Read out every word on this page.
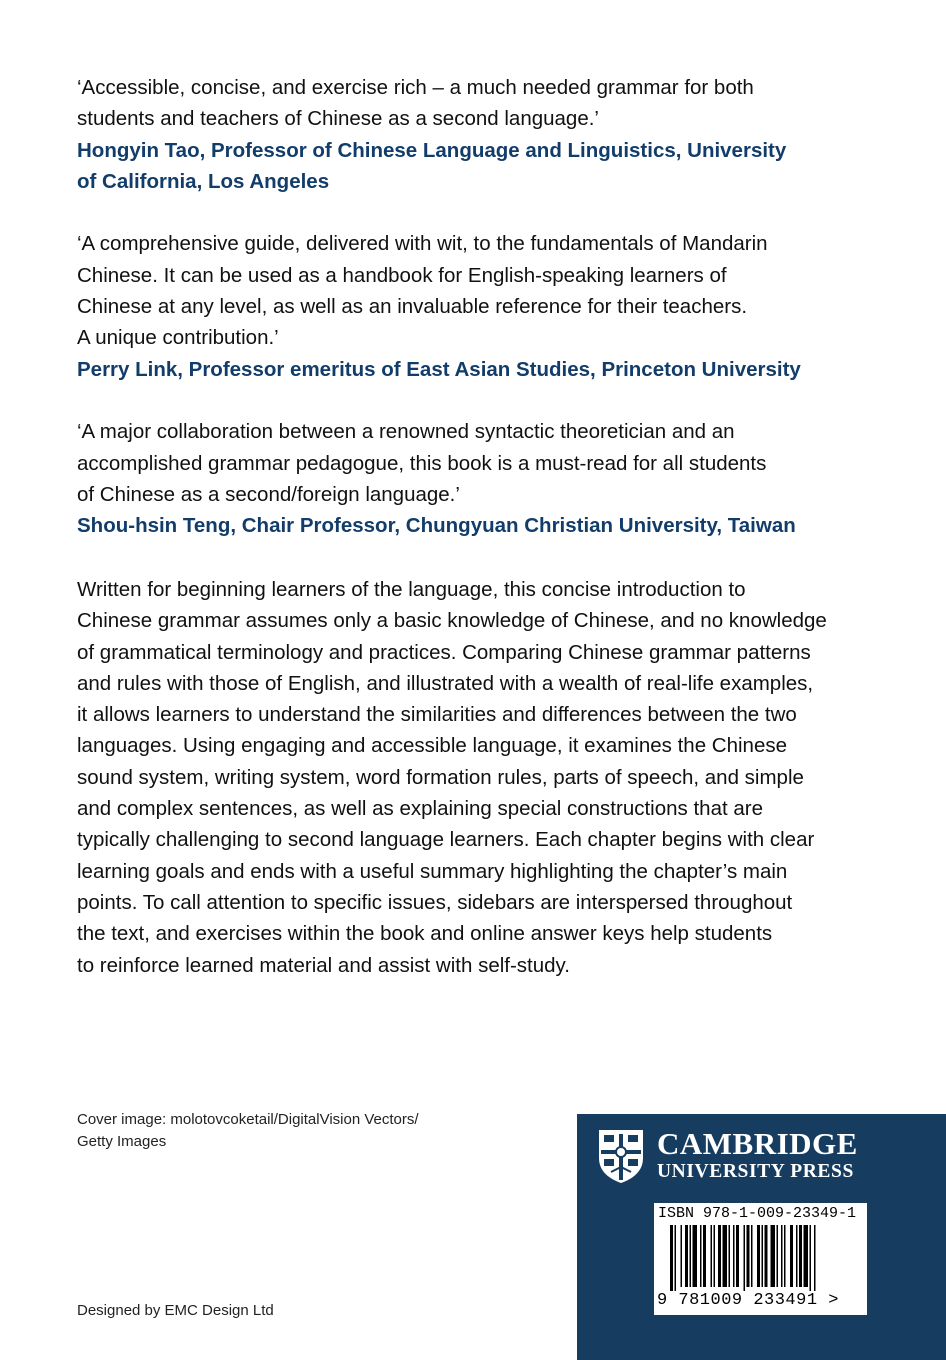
‘Accessible, concise, and exercise rich – a much needed grammar for both
students and teachers of Chinese as a second language.’

Hongyin Tao, Professor of Chinese Language and Linguistics, University
of California, Los Angeles

‘A comprehensive guide, delivered with wit, to the fundamentals of Mandarin
Chinese. It can be used as a handbook for English-speaking learners of
Chinese at any level, as well as an invaluable reference for their teachers.
A unique contribution.’

Perry Link, Professor emeritus of East Asian Studies, Princeton University

‘A major collaboration between a renowned syntactic theoretician and an
accomplished grammar pedagogue, this book is a must-read for all students
of Chinese as a second/foreign language.’

Shou-hsin Teng, Chair Professor, Chungyuan Christian University, Taiwan

Written for beginning learners of the language, this concise introduction to
Chinese grammar assumes only a basic knowledge of Chinese, and no knowledge
of grammatical terminology and practices. Comparing Chinese grammar patterns
and rules with those of English, and illustrated with a wealth of real-life examples,
it allows learners to understand the similarities and differences between the two
languages. Using engaging and accessible language, it examines the Chinese
sound system, writing system, word formation rules, parts of speech, and simple
and complex sentences, as well as explaining special constructions that are
typically challenging to second language learners. Each chapter begins with clear
learning goals and ends with a useful summary highlighting the chapter’s main
points. To call attention to specific issues, sidebars are interspersed throughout
the text, and exercises within the book and online answer keys help students
to reinforce learned material and assist with self-study.

Cover image: molotovcoketail/DigitalVision Vectors/
Getty Images
Designed by EMC Design Ltd
CAMBRIDGE
UNIVERSITY PRESS
ISBN 978-1-009-23349-1
9 781009 233491 >
